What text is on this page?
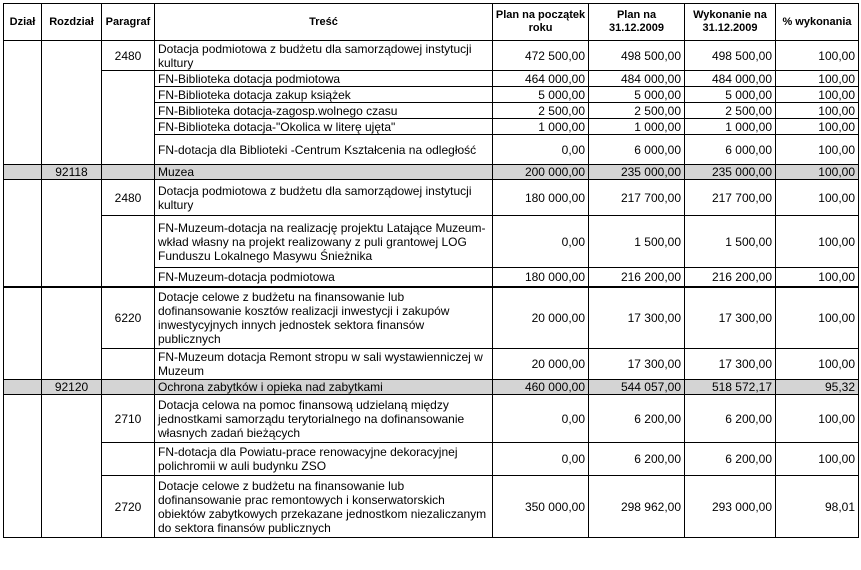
Dział	Rozdział	Paragraf	Treść	Plan na początek roku	Plan na 31.12.2009	Wykonanie na 31.12.2009	% wykonania
		2480	Dotacja podmiotowa z budżetu dla samorządowej instytucji kultury	472 500,00	498 500,00	498 500,00	100,00
			FN-Biblioteka dotacja podmiotowa	464 000,00	484 000,00	484 000,00	100,00
			FN-Biblioteka dotacja zakup książek	5 000,00	5 000,00	5 000,00	100,00
			FN-Biblioteka dotacja-zagosp.wolnego czasu	2 500,00	2 500,00	2 500,00	100,00
			FN-Biblioteka dotacja-"Okolica w literę ujęta"	1 000,00	1 000,00	1 000,00	100,00
			FN-dotacja dla Biblioteki -Centrum Kształcenia na odległość	0,00	6 000,00	6 000,00	100,00
	92118		Muzea	200 000,00	235 000,00	235 000,00	100,00
		2480	Dotacja podmiotowa z budżetu dla samorządowej instytucji kultury	180 000,00	217 700,00	217 700,00	100,00
			FN-Muzeum-dotacja na realizację projektu Latające Muzeum-wkład własny na projekt realizowany z puli grantowej LOG Funduszu Lokalnego Masywu Śnieżnika	0,00	1 500,00	1 500,00	100,00
			FN-Muzeum-dotacja podmiotowa	180 000,00	216 200,00	216 200,00	100,00
		6220	Dotacje celowe z budżetu na finansowanie lub dofinansowanie kosztów realizacji inwestycji i zakupów inwestycyjnych innych jednostek sektora finansów publicznych	20 000,00	17 300,00	17 300,00	100,00
			FN-Muzeum dotacja Remont stropu w sali wystawienniczej w Muzeum	20 000,00	17 300,00	17 300,00	100,00
	92120		Ochrona zabytków i opieka nad zabytkami	460 000,00	544 057,00	518 572,17	95,32
		2710	Dotacja celowa na pomoc finansową udzielaną między jednostkami samorządu terytorialnego na dofinansowanie własnych zadań bieżących	0,00	6 200,00	6 200,00	100,00
			FN-dotacja dla Powiatu-prace renowacyjne dekoracyjnej polichromii w auli budynku ZSO	0,00	6 200,00	6 200,00	100,00
		2720	Dotacje celowe z budżetu na finansowanie lub dofinansowanie prac remontowych i konserwatorskich obiektów zabytkowych przekazane jednostkom niezaliczanym do sektora finansów publicznych	350 000,00	298 962,00	293 000,00	98,01
